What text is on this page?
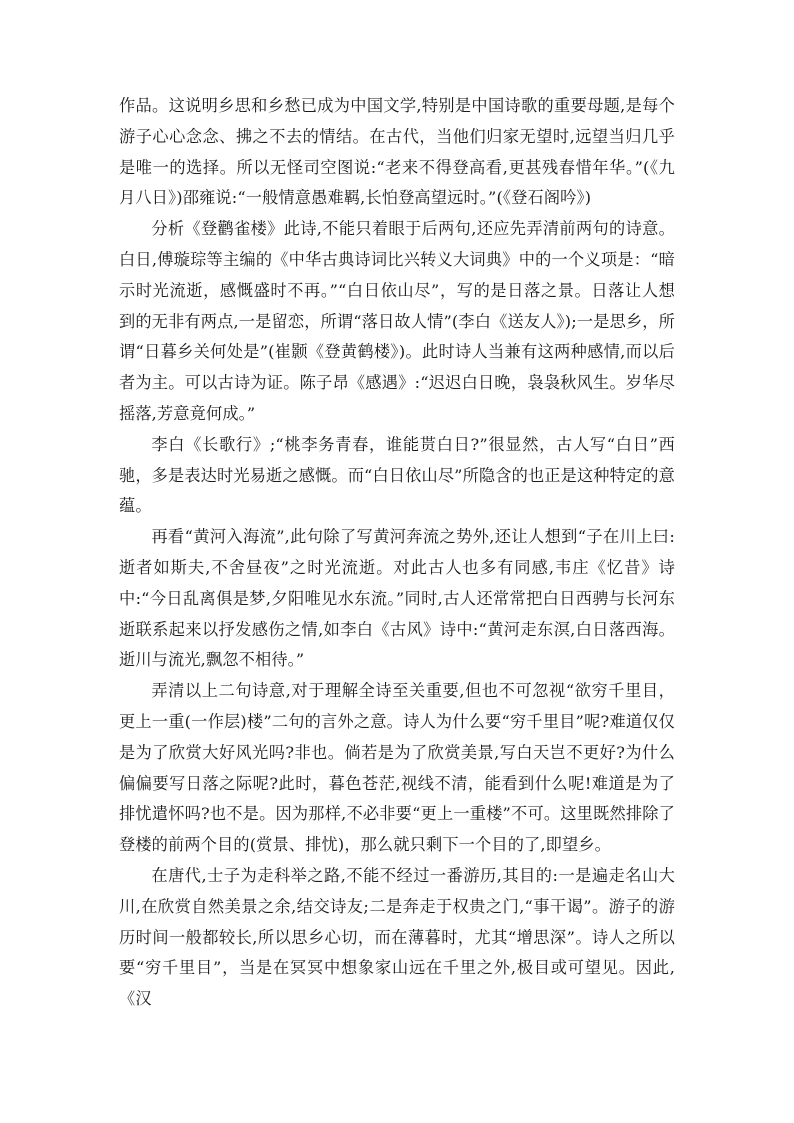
作品。这说明乡思和乡愁已成为中国文学,特别是中国诗歌的重要母题,是每个游子心心念念、拂之不去的情结。在古代，当他们归家无望时,远望当归几乎是唯一的选择。所以无怪司空图说:“老来不得登高看,更甚残春惜年华。”(《九月八日》)邵雍说:“一般情意愚难羁,长怕登高望远时。”(《登石阁吟》)

分析《登鹳雀楼》此诗,不能只着眼于后两句,还应先弄清前两句的诗意。白日,傅璇琮等主编的《中华古典诗词比兴转义大词典》中的一个义项是：“暗示时光流逝，感慨盛时不再。”“白日依山尽”，写的是日落之景。日落让人想到的无非有两点,一是留恋，所谓“落日故人情”(李白《送友人》);一是思乡，所谓“日暮乡关何处是”(崔颢《登黄鹤楼》)。此时诗人当兼有这两种感情,而以后者为主。可以古诗为证。陈子昂《感遇》:“迟迟白日晚，袅袅秋风生。岁华尽摇落,芳意竟何成。”

李白《长歌行》;“桃李务青春，谁能贳白日?”很显然，古人写“白日”西驰，多是表达时光易逝之感慨。而“白日依山尽”所隐含的也正是这种特定的意蕴。

再看“黄河入海流”,此句除了写黄河奔流之势外,还让人想到“子在川上曰:逝者如斯夫,不舍昼夜”之时光流逝。对此古人也多有同感,韦庄《忆昔》诗中:“今日乱离俱是梦,夕阳唯见水东流。”同时,古人还常常把白日西骋与长河东逝联系起来以抒发感伤之情,如李白《古风》诗中:“黄河走东溟,白日落西海。逝川与流光,飘忽不相待。”

弄清以上二句诗意,对于理解全诗至关重要,但也不可忽视“欲穷千里目，更上一重(一作层)楼”二句的言外之意。诗人为什么要“穷千里目”呢?难道仅仅是为了欣赏大好风光吗?非也。倘若是为了欣赏美景,写白天岂不更好?为什么偏偏要写日落之际呢?此时，暮色苍茫,视线不清，能看到什么呢!难道是为了排忧遣怀吗?也不是。因为那样,不必非要“更上一重楼”不可。这里既然排除了登楼的前两个目的(赏景、排忧)，那么就只剩下一个目的了,即望乡。

在唐代,士子为走科举之路,不能不经过一番游历,其目的:一是遍走名山大川,在欣赏自然美景之余,结交诗友;二是奔走于权贵之门,“事干谒”。游子的游历时间一般都较长,所以思乡心切，而在薄暮时，尤其“增思深”。诗人之所以要“穷千里目”，当是在冥冥中想象家山远在千里之外,极目或可望见。因此,《汉
